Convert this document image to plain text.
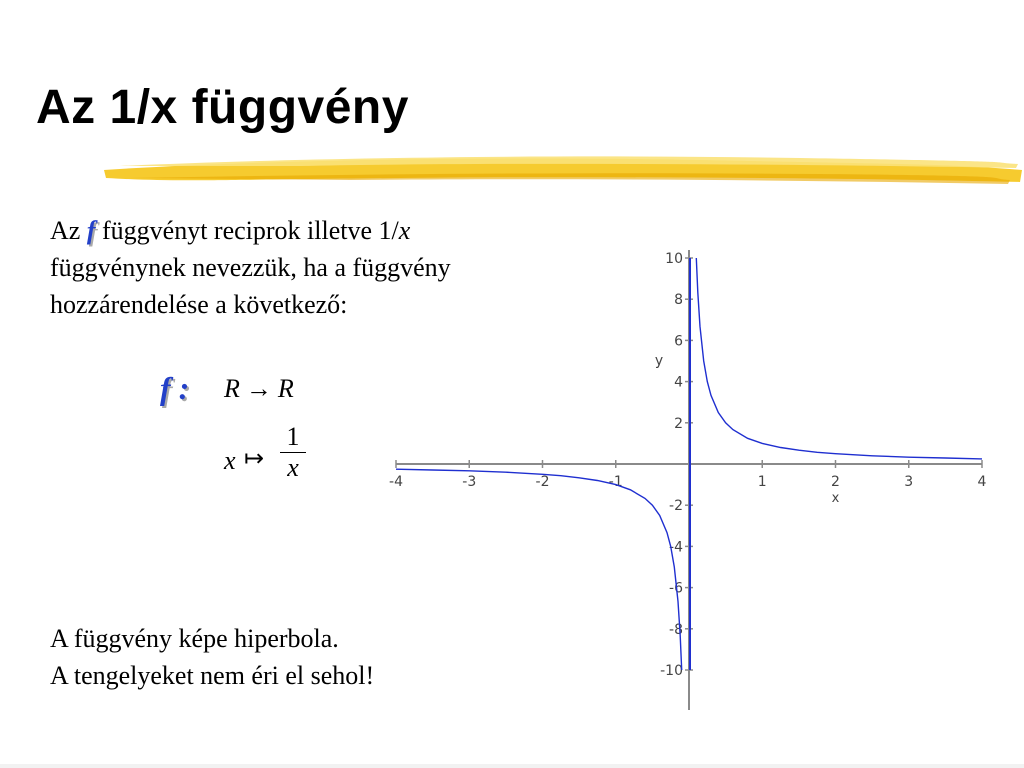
Az 1/x függvény
Az f függvényt reciprok illetve 1/x
függvénynek nevezzük, ha a függvény
hozzárendelése a következő:
f : R → R
x ↦
1
x
A függvény képe hiperbola.
A tengelyeket nem éri el sehol!
-4	-3	-2	-1	1	2	3	4
10
8
6
4
2
-2
-4
-6
-8
-10
x
y
